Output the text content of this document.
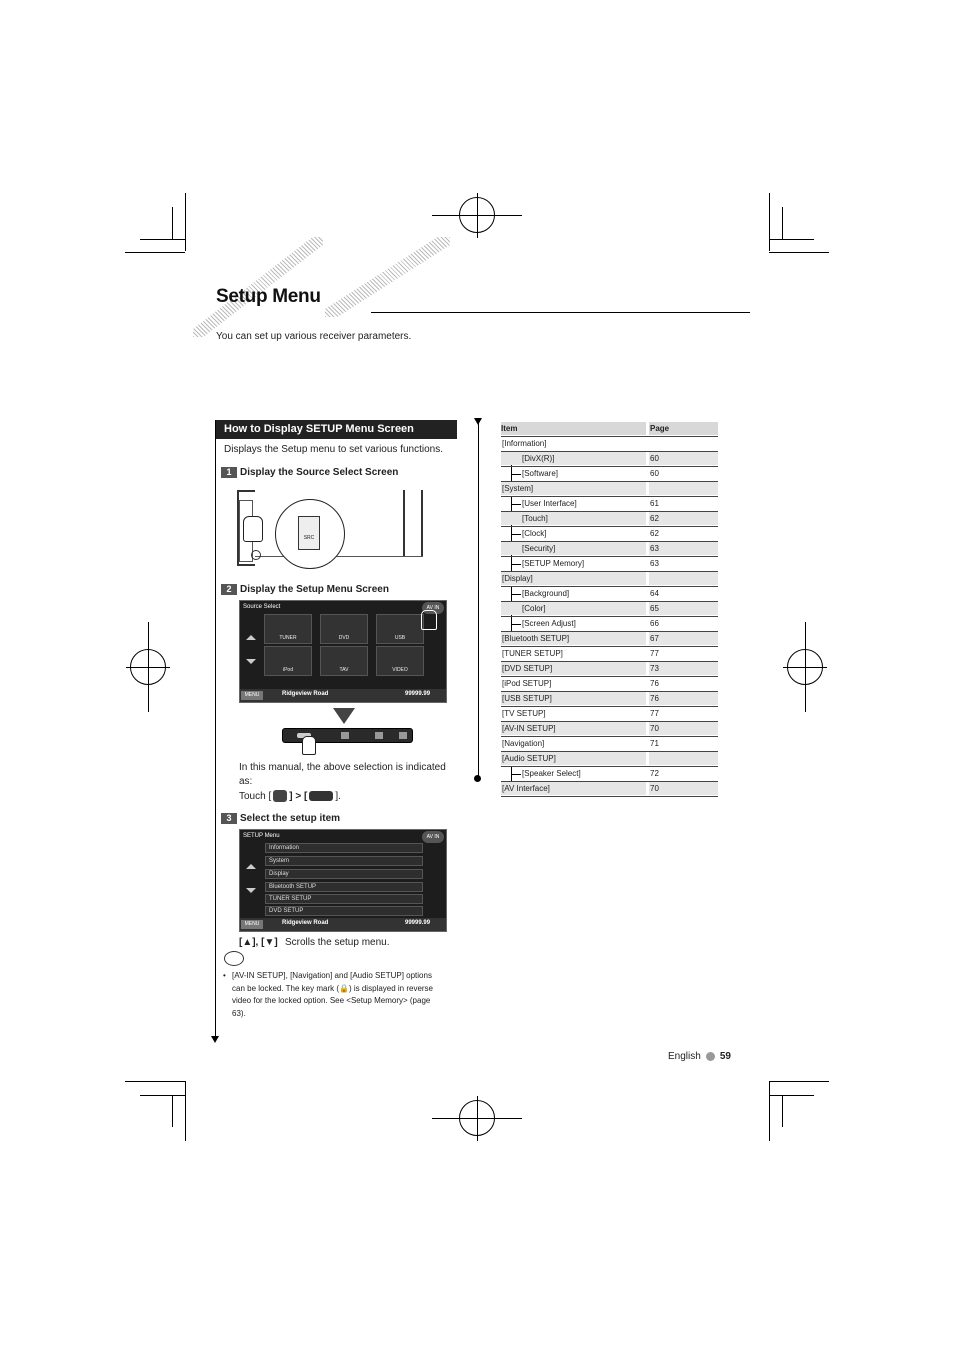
Setup Menu
You can set up various receiver parameters.
How to Display SETUP Menu Screen
Displays the Setup menu to set various functions.
1 Display the Source Select Screen
SRC
2 Display the Setup Menu Screen
Source Select	AV IN
TUNER	DVD	USB
iPod	TAV	VIDEO
MENU	Ridgeview Road	99999.99
In this manual, the above selection is indicated
as:
Touch [ ] > [	].
3 Select the setup item
SETUP Menu	AV IN
Information
System
Display
Bluetooth SETUP
TUNER SETUP
DVD SETUP
MENU	Ridgeview Road	99999.99
[▲], [▼] Scrolls the setup menu.
• [AV-IN SETUP], [Navigation] and [Audio SETUP] options
can be locked. The key mark (🔒) is displayed in reverse
video for the locked option. See <Setup Memory> (page
63).
Item	Page
[Information]
[DivX(R)]	60
[Software]	60
[System]
[User Interface]	61
[Touch]	62
[Clock]	62
[Security]	63
[SETUP Memory]	63
[Display]
[Background]	64
[Color]	65
[Screen Adjust]	66
[Bluetooth SETUP]	67
[TUNER SETUP]	77
[DVD SETUP]	73
[iPod SETUP]	76
[USB SETUP]	76
[TV SETUP]	77
[AV-IN SETUP]	70
[Navigation]	71
[Audio SETUP]
[Speaker Select]	72
[AV Interface]	70
English 59
